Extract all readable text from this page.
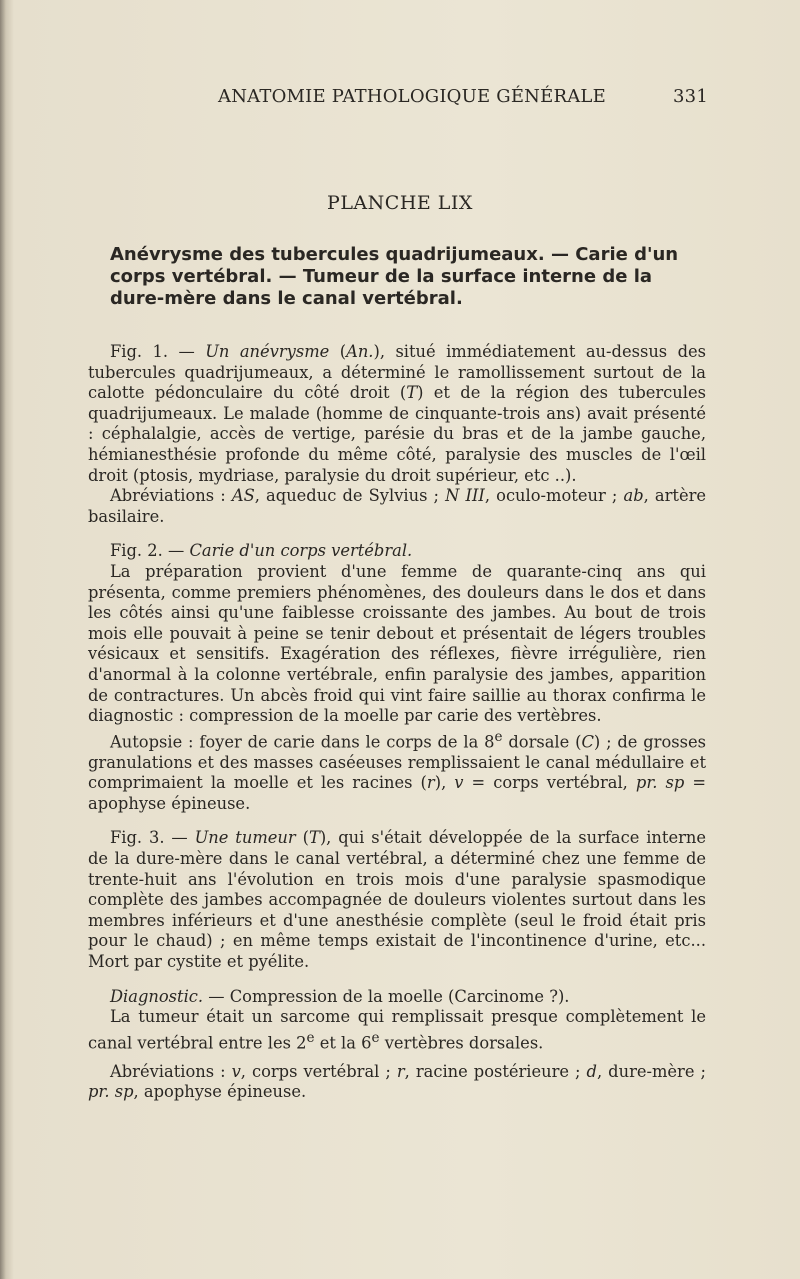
ANATOMIE PATHOLOGIQUE GÉNÉRALE	331
PLANCHE LIX
Anévrysme des tubercules quadrijumeaux. — Carie d'un corps vertébral. — Tumeur de la surface interne de la dure-mère dans le canal vertébral.

Fig. 1. — Un anévrysme (An.), situé immédiatement au-dessus des tubercules quadrijumeaux, a déterminé le ramollissement surtout de la calotte pédonculaire du côté droit (T) et de la région des tubercules quadrijumeaux. Le malade (homme de cinquante-trois ans) avait présenté : céphalalgie, accès de vertige, parésie du bras et de la jambe gauche, hémianesthésie profonde du même côté, paralysie des muscles de l'œil droit (ptosis, mydriase, paralysie du droit supérieur, etc ..).

Abréviations : AS, aqueduc de Sylvius ; N III, oculo-moteur ; ab, artère basilaire.

Fig. 2. — Carie d'un corps vertébral.

La préparation provient d'une femme de quarante-cinq ans qui présenta, comme premiers phénomènes, des douleurs dans le dos et dans les côtés ainsi qu'une faiblesse croissante des jambes. Au bout de trois mois elle pouvait à peine se tenir debout et présentait de légers troubles vésicaux et sensitifs. Exagération des réflexes, fièvre irrégulière, rien d'anormal à la colonne vertébrale, enfin paralysie des jambes, apparition de contractures. Un abcès froid qui vint faire saillie au thorax confirma le diagnostic : compression de la moelle par carie des vertèbres.

Autopsie : foyer de carie dans le corps de la 8e dorsale (C) ; de grosses granulations et des masses caséeuses remplissaient le canal médullaire et comprimaient la moelle et les racines (r), v = corps vertébral, pr. sp = apophyse épineuse.

Fig. 3. — Une tumeur (T), qui s'était développée de la surface interne de la dure-mère dans le canal vertébral, a déterminé chez une femme de trente-huit ans l'évolution en trois mois d'une paralysie spasmodique complète des jambes accompagnée de douleurs violentes surtout dans les membres inférieurs et d'une anesthésie complète (seul le froid était pris pour le chaud) ; en même temps existait de l'incontinence d'urine, etc... Mort par cystite et pyélite.

Diagnostic. — Compression de la moelle (Carcinome ?).

La tumeur était un sarcome qui remplissait presque complètement le canal vertébral entre les 2e et la 6e vertèbres dorsales.

Abréviations : v, corps vertébral ; r, racine postérieure ; d, dure-mère ; pr. sp, apophyse épineuse.
